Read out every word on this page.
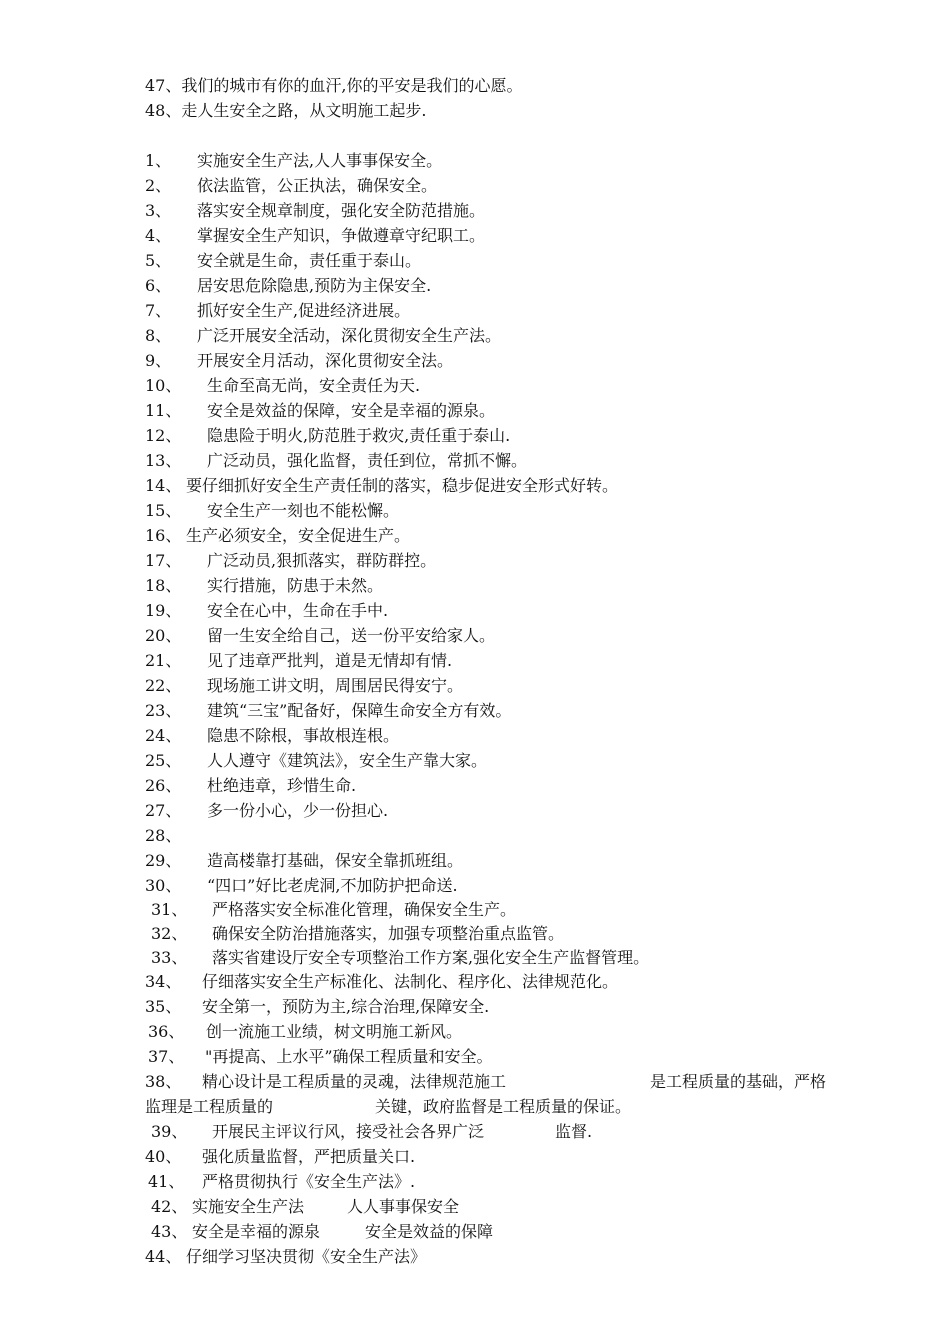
47、我们的城市有你的血汗,你的平安是我们的心愿。

48、走人生安全之路，从文明施工起步.

1、

实施安全生产法,人人事事保安全。

2、

依法监管，公正执法，确保安全。

3、

落实安全规章制度，强化安全防范措施。

4、

掌握安全生产知识，争做遵章守纪职工。

5、

安全就是生命，责任重于泰山。

6、

居安思危除隐患,预防为主保安全.

7、

抓好安全生产,促进经济进展。

8、

广泛开展安全活动，深化贯彻安全生产法。

9、

开展安全月活动，深化贯彻安全法。

10、

生命至高无尚，安全责任为天.

11、

安全是效益的保障，安全是幸福的源泉。

12、

隐患险于明火,防范胜于救灾,责任重于泰山.

13、

广泛动员，强化监督，责任到位，常抓不懈。

14、

要仔细抓好安全生产责任制的落实，稳步促进安全形式好转。

15、

安全生产一刻也不能松懈。

16、

生产必须安全，安全促进生产。

17、

广泛动员,狠抓落实，群防群控。

18、

实行措施，防患于未然。

19、

安全在心中，生命在手中.

20、

留一生安全给自己，送一份平安给家人。

21、

见了违章严批判，道是无情却有情.

22、

现场施工讲文明，周围居民得安宁。

23、

建筑“三宝”配备好，保障生命安全方有效。

24、

隐患不除根，事故根连根。

25、

人人遵守《建筑法》，安全生产靠大家。

26、

杜绝违章，珍惜生命.

27、

多一份小心，少一份担心.

28、

29、

造高楼靠打基础，保安全靠抓班组。

30、

“四口”好比老虎洞,不加防护把命送.

31、

严格落实安全标准化管理，确保安全生产。

32、

确保安全防治措施落实，加强专项整治重点监管。

33、

落实省建设厅安全专项整治工作方案,强化安全生产监督管理。

34、

仔细落实安全生产标准化、法制化、程序化、法律规范化。

35、

安全第一，预防为主,综合治理,保障安全.

36、

创一流施工业绩，树文明施工新风。

37、

"再提高、上水平”确保工程质量和安全。

38、

精心设计是工程质量的灵魂，法律规范施工

	是工程质量的基础，严格

监理是工程质量的

	关键，政府监督是工程质量的保证。

39、

开展民主评议行风，接受社会各界广泛

	监督.

40、

强化质量监督，严把质量关口.

41、

严格贯彻执行《安全生产法》.

42、

实施安全生产法

	人人事事保安全

43、

安全是幸福的源泉

	安全是效益的保障

44、

仔细学习坚决贯彻《安全生产法》
